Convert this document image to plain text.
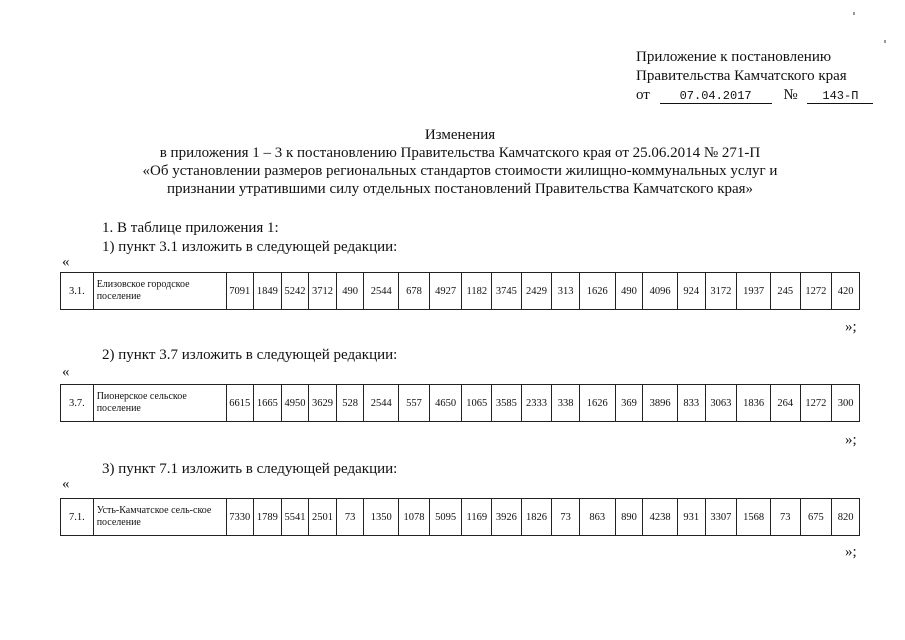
Приложение к постановлению
Правительства Камчатского края
от 07.04.2017 № 143-П
Изменения
в приложения 1 – 3 к постановлению Правительства Камчатского края от 25.06.2014 № 271-П
«Об установлении размеров региональных стандартов стоимости жилищно-коммунальных услуг и
признании утратившими силу отдельных постановлений Правительства Камчатского края»
1. В таблице приложения 1:
1) пункт 3.1 изложить в следующей редакции:
«
3.1.	Елизовское городское поселение	7091	1849	5242	3712	490	2544	678	4927	1182	3745	2429	313	1626	490	4096	924	3172	1937	245	1272	420
»;
2) пункт 3.7 изложить в следующей редакции:
«
3.7.	Пионерское сельское поселение	6615	1665	4950	3629	528	2544	557	4650	1065	3585	2333	338	1626	369	3896	833	3063	1836	264	1272	300
»;
3) пункт 7.1 изложить в следующей редакции:
«
7.1.	Усть-Камчатское сель-ское поселение	7330	1789	5541	2501	73	1350	1078	5095	1169	3926	1826	73	863	890	4238	931	3307	1568	73	675	820
»;
